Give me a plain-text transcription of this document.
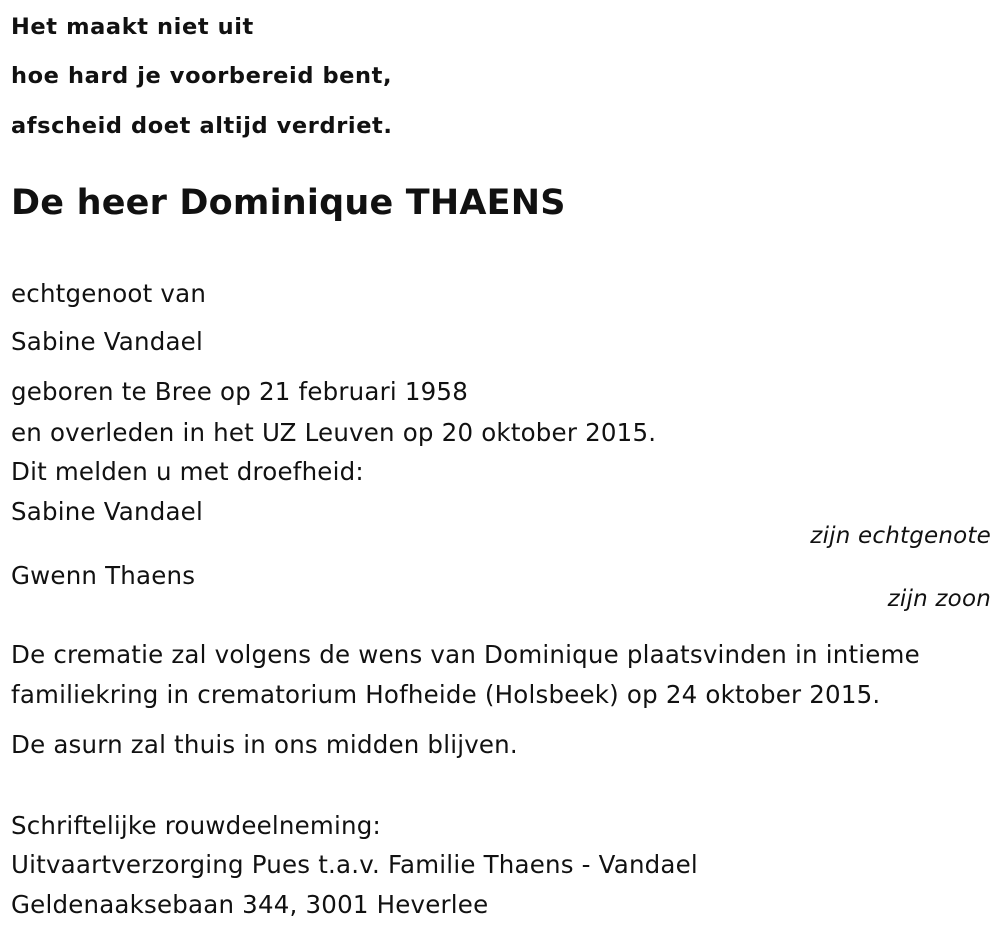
Het maakt niet uit
hoe hard je voorbereid bent,
afscheid doet altijd verdriet.
De heer Dominique THAENS
echtgenoot van
Sabine Vandael
geboren te Bree op 21 februari 1958
en overleden in het UZ Leuven op 20 oktober 2015.
Dit melden u met droefheid:
Sabine Vandael
zijn echtgenote
Gwenn Thaens
zijn zoon
De crematie zal volgens de wens van Dominique plaatsvinden in intieme
familiekring in crematorium Hofheide (Holsbeek) op 24 oktober 2015.
De asurn zal thuis in ons midden blijven.
Schriftelijke rouwdeelneming:
Uitvaartverzorging Pues t.a.v. Familie Thaens - Vandael
Geldenaaksebaan 344, 3001 Heverlee
